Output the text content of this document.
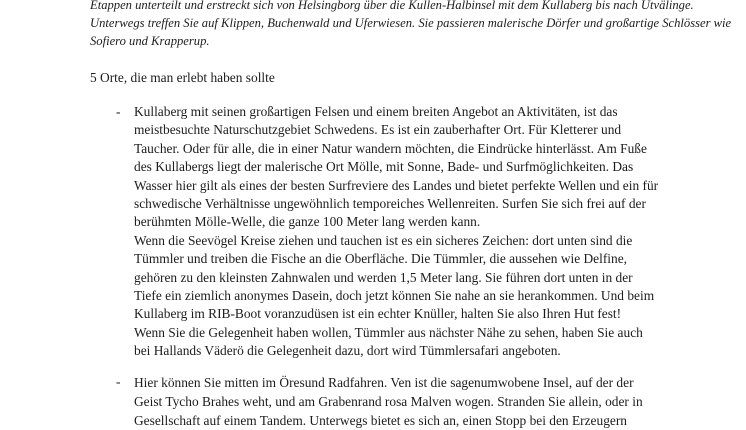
Etappen unterteilt und erstreckt sich von Helsingborg über die Kullen-Halbinsel mit dem Kullaberg bis nach Utvälinge.
Unterwegs treffen Sie auf Klippen, Buchenwald und Uferwiesen. Sie passieren malerische Dörfer und großartige Schlösser wie
Sofiero und Krapperup.
5 Orte, die man erlebt haben sollte
- Kullaberg mit seinen großartigen Felsen und einem breiten Angebot an Aktivitäten, ist das
meistbesuchte Naturschutzgebiet Schwedens. Es ist ein zauberhafter Ort. Für Kletterer und
Taucher. Oder für alle, die in einer Natur wandern möchten, die Eindrücke hinterlässt. Am Fuße
des Kullabergs liegt der malerische Ort Mölle, mit Sonne, Bade- und Surfmöglichkeiten. Das
Wasser hier gilt als eines der besten Surfreviere des Landes und bietet perfekte Wellen und ein für
schwedische Verhältnisse ungewöhnlich temporeiches Wellenreiten. Surfen Sie sich frei auf der
berühmten Mölle-Welle, die ganze 100 Meter lang werden kann.
Wenn die Seevögel Kreise ziehen und tauchen ist es ein sicheres Zeichen: dort unten sind die
Tümmler und treiben die Fische an die Oberfläche. Die Tümmler, die aussehen wie Delfine,
gehören zu den kleinsten Zahnwalen und werden 1,5 Meter lang. Sie führen dort unten in der
Tiefe ein ziemlich anonymes Dasein, doch jetzt können Sie nahe an sie herankommen. Und beim
Kullaberg im RIB-Boot voranzudüsen ist ein echter Knüller, halten Sie also Ihren Hut fest!
Wenn Sie die Gelegenheit haben wollen, Tümmler aus nächster Nähe zu sehen, haben Sie auch
bei Hallands Väderö die Gelegenheit dazu, dort wird Tümmlersafari angeboten.
- Hier können Sie mitten im Öresund Radfahren. Ven ist die sagenumwobene Insel, auf der der
Geist Tycho Brahes weht, und am Grabenrand rosa Malven wogen. Stranden Sie allein, oder in
Gesellschaft auf einem Tandem. Unterwegs bietet es sich an, einen Stopp bei den Erzeugern
